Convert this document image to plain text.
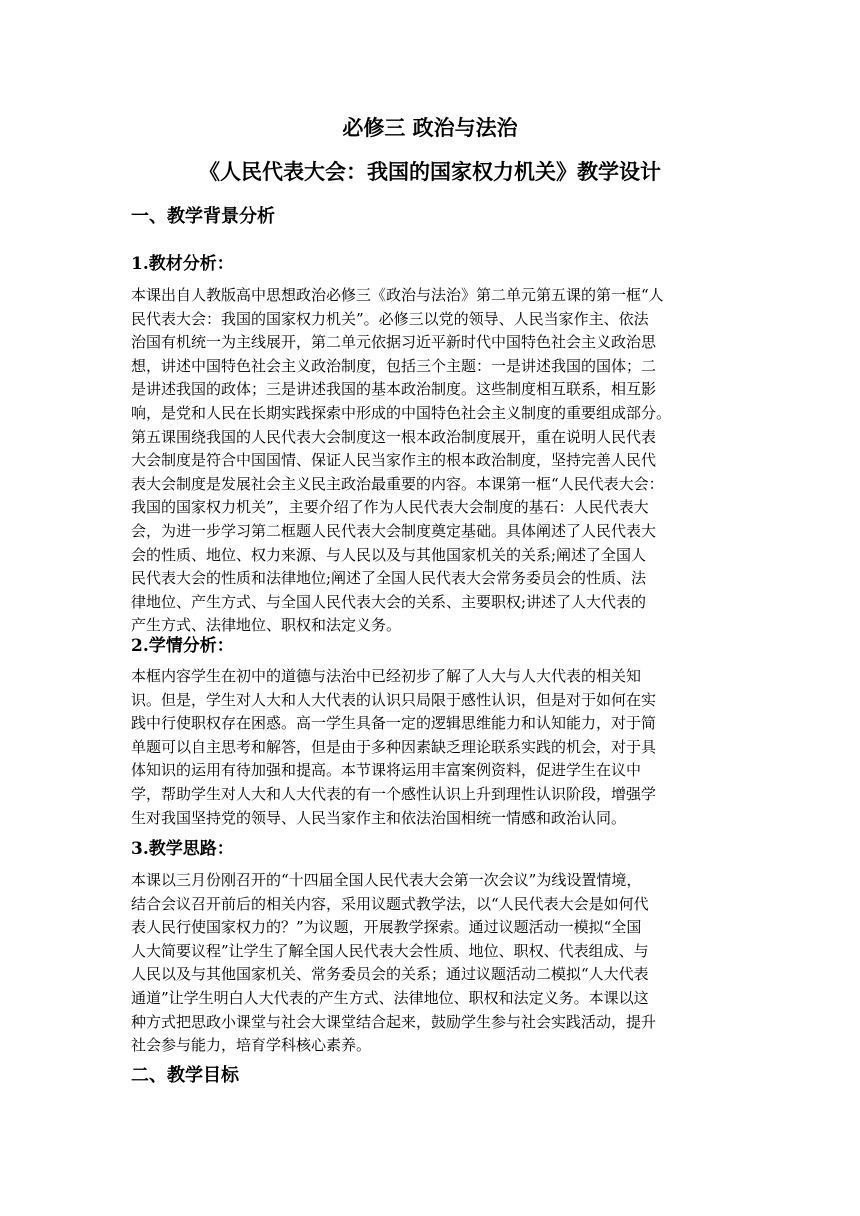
必修三 政治与法治
《人民代表大会：我国的国家权力机关》教学设计
一、教学背景分析
1.教材分析：
本课出自人教版高中思想政治必修三《政治与法治》第二单元第五课的第一框“人
民代表大会：我国的国家权力机关”。必修三以党的领导、人民当家作主、依法
治国有机统一为主线展开，第二单元依据习近平新时代中国特色社会主义政治思
想，讲述中国特色社会主义政治制度，包括三个主题：一是讲述我国的国体；二
是讲述我国的政体；三是讲述我国的基本政治制度。这些制度相互联系，相互影
响，是党和人民在长期实践探索中形成的中国特色社会主义制度的重要组成部分。
第五课围绕我国的人民代表大会制度这一根本政治制度展开，重在说明人民代表
大会制度是符合中国国情、保证人民当家作主的根本政治制度，坚持完善人民代
表大会制度是发展社会主义民主政治最重要的内容。本课第一框“人民代表大会：
我国的国家权力机关”，主要介绍了作为人民代表大会制度的基石：人民代表大
会，为进一步学习第二框题人民代表大会制度奠定基础。具体阐述了人民代表大
会的性质、地位、权力来源、与人民以及与其他国家机关的关系;阐述了全国人
民代表大会的性质和法律地位;阐述了全国人民代表大会常务委员会的性质、法
律地位、产生方式、与全国人民代表大会的关系、主要职权;讲述了人大代表的
产生方式、法律地位、职权和法定义务。
2.学情分析：
本框内容学生在初中的道德与法治中已经初步了解了人大与人大代表的相关知
识。但是，学生对人大和人大代表的认识只局限于感性认识，但是对于如何在实
践中行使职权存在困惑。高一学生具备一定的逻辑思维能力和认知能力，对于简
单题可以自主思考和解答，但是由于多种因素缺乏理论联系实践的机会，对于具
体知识的运用有待加强和提高。本节课将运用丰富案例资料，促进学生在议中
学，帮助学生对人大和人大代表的有一个感性认识上升到理性认识阶段，增强学
生对我国坚持党的领导、人民当家作主和依法治国相统一情感和政治认同。
3.教学思路：
本课以三月份刚召开的“十四届全国人民代表大会第一次会议”为线设置情境，
结合会议召开前后的相关内容，采用议题式教学法，以“人民代表大会是如何代
表人民行使国家权力的？”为议题，开展教学探索。通过议题活动一模拟“全国
人大简要议程”让学生了解全国人民代表大会性质、地位、职权、代表组成、与
人民以及与其他国家机关、常务委员会的关系；通过议题活动二模拟“人大代表
通道”让学生明白人大代表的产生方式、法律地位、职权和法定义务。本课以这
种方式把思政小课堂与社会大课堂结合起来，鼓励学生参与社会实践活动，提升
社会参与能力，培育学科核心素养。
二、教学目标
